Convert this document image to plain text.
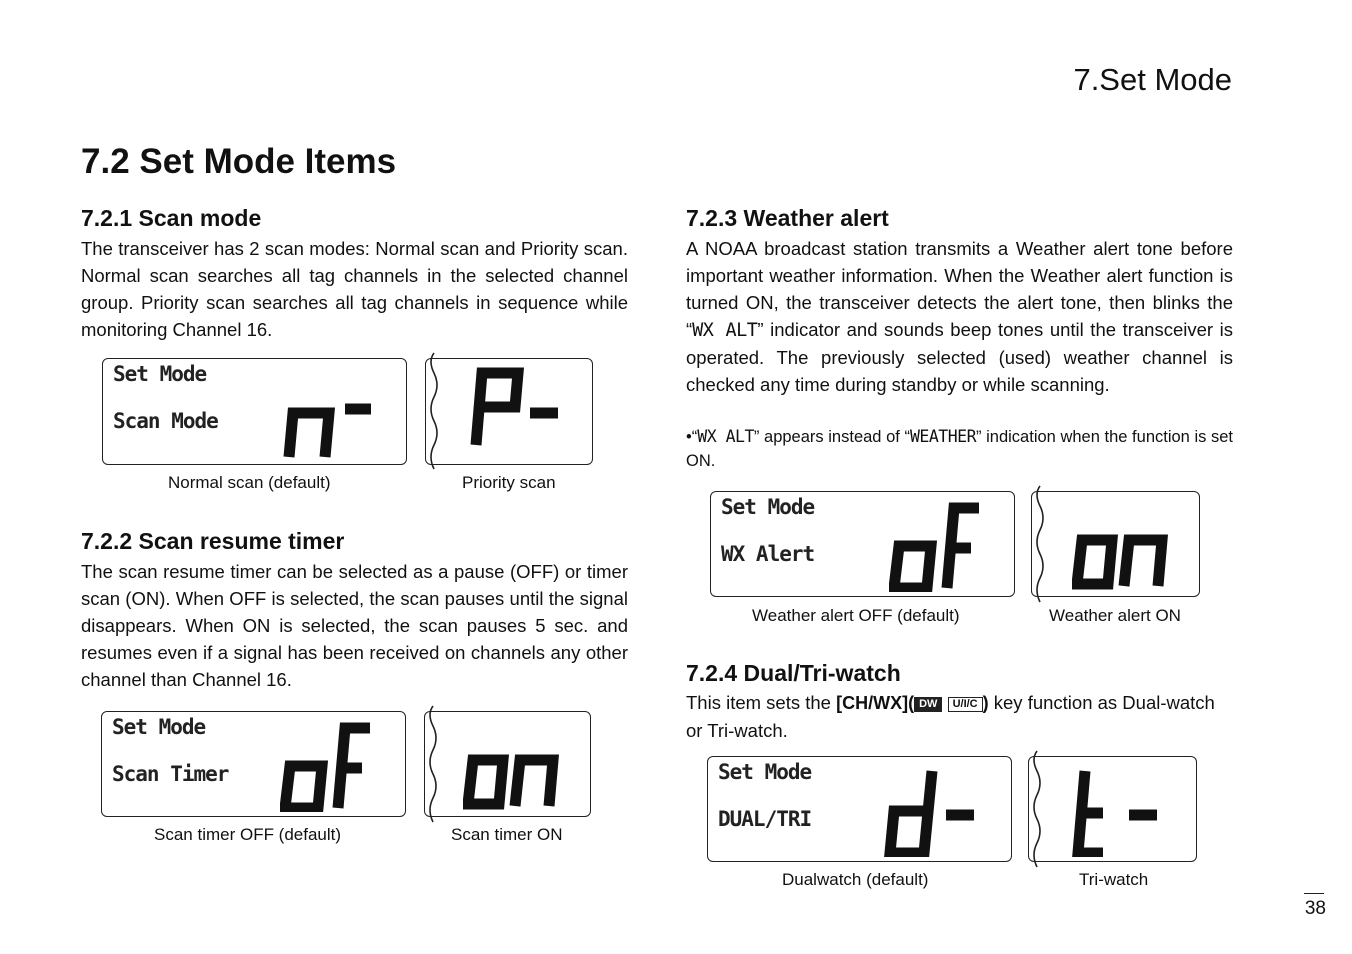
7.Set Mode
7.2 Set Mode Items
7.2.1 Scan mode

The transceiver has 2 scan modes: Normal scan and Priority scan. Normal scan searches all tag channels in the selected channel group. Priority scan searches all tag channels in sequence while monitoring Channel 16.

Set Mode
Scan Mode
Normal scan (default)	Priority scan
7.2.2 Scan resume timer

The scan resume timer can be selected as a pause (OFF) or timer scan (ON). When OFF is selected, the scan pauses until the signal disappears. When ON is selected, the scan pauses 5 sec. and resumes even if a signal has been received on channels any other channel than Channel 16.

Set Mode
Scan Timer
Scan timer OFF (default)	Scan timer ON
7.2.3 Weather alert

A NOAA broadcast station transmits a Weather alert tone before important weather information. When the Weather alert function is turned ON, the transceiver detects the alert tone, then blinks the “WX ALT” indicator and sounds beep tones until the transceiver is operated. The previously selected (used) weather channel is checked any time during standby or while scanning.

•“WX ALT” appears instead of “WEATHER” indication when the function is set ON.
Set Mode
WX Alert
Weather alert OFF (default)	Weather alert ON
7.2.4 Dual/Tri-watch

This item sets the [CH/WX]( DW U/I/C ) key function as Dual-watch or Tri-watch.

Set Mode
DUAL/TRI
Dualwatch (default)	Tri-watch
38
